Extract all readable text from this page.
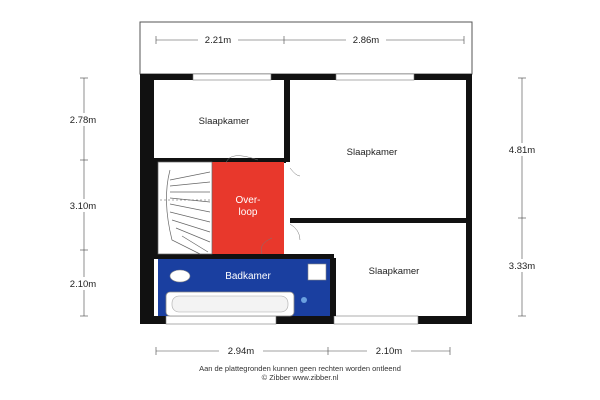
Slaapkamer
Slaapkamer
Slaapkamer
Over-
loop
Badkamer
2.21m	2.86m
2.78m
3.10m
2.10m
4.81m
3.33m
2.94m	2.10m
Aan de plattegronden kunnen geen rechten worden ontleend
© Zibber www.zibber.nl
